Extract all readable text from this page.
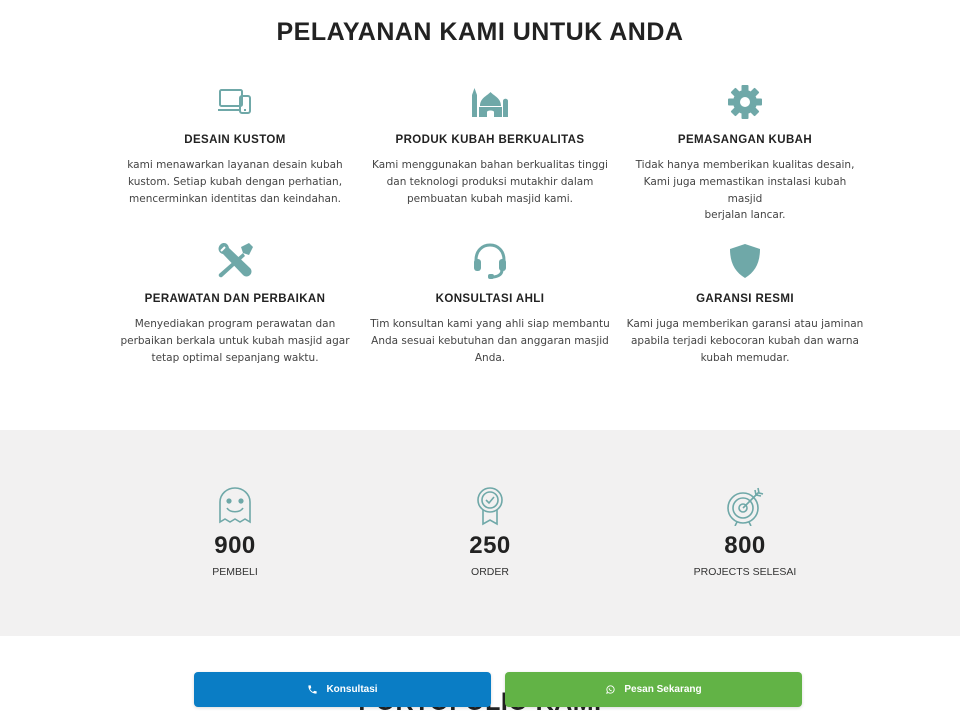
PELAYANAN KAMI UNTUK ANDA
DESAIN KUSTOM

kami menawarkan layanan desain kubah
kustom. Setiap kubah dengan perhatian,
mencerminkan identitas dan keindahan.

PRODUK KUBAH BERKUALITAS

Kami menggunakan bahan berkualitas tinggi
dan teknologi produksi mutakhir dalam
pembuatan kubah masjid kami.

PEMASANGAN KUBAH

Tidak hanya memberikan kualitas desain,
Kami juga memastikan instalasi kubah masjid
berjalan lancar.

PERAWATAN DAN PERBAIKAN

Menyediakan program perawatan dan
perbaikan berkala untuk kubah masjid agar
tetap optimal sepanjang waktu.

KONSULTASI AHLI

Tim konsultan kami yang ahli siap membantu
Anda sesuai kebutuhan dan anggaran masjid
Anda.

GARANSI RESMI

Kami juga memberikan garansi atau jaminan
apabila terjadi kebocoran kubah dan warna
kubah memudar.

900
PEMBELI
250
ORDER
800
PROJECTS SELESAI
Konsultasi	Pesan Sekarang
